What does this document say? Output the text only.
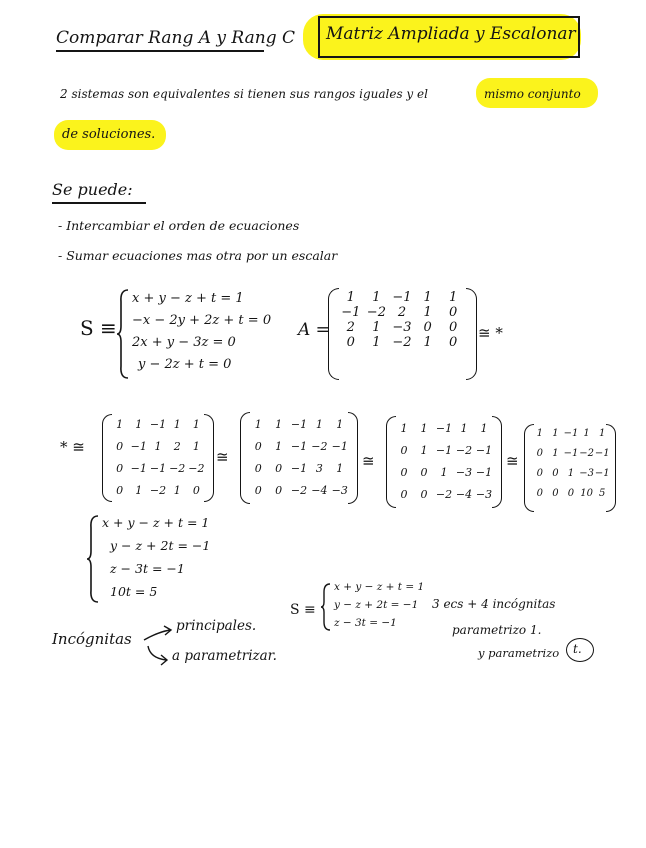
Comparar Rang A y Rang C Matriz Ampliada y Escalonar
2 sistemas son equivalentes si tienen sus rangos iguales y el	mismo conjunto
de soluciones.
Se puede:
- Intercambiar el orden de ecuaciones
- Sumar ecuaciones mas otra por un escalar
S ≡
x + y − z + t = 1
−x − 2y + 2z + t = 0
2x + y − 3z = 0
y − 2z + t = 0
A =
1	1 −1 1	1
−1 −2 2	1	0
2	1 −3 0	0
0	1 −2 1	0
≅ *
* ≅
1	1 −1 1	1
0 −1 1	2	1
0 −1 −1 −2 −2
0	1 −2 1	0
≅
1	1 −1 1	1
0	1 −1 −2 −1
0	0 −1 3	1
0	0 −2 −4 −3
≅
1	1 −1 1	1
0	1 −1 −2 −1
0	0	1 −3 −1
0	0 −2 −4 −3
≅
1 1 −1 1 1
0 1 −1 −2 −1
0 0 1 −3 −1
0 0 0 10 5
x + y − z + t = 1
y − z + 2t = −1
z − 3t = −1
10t = 5
Incógnitas
principales.
a parametrizar.
S ≡
x + y − z + t = 1
y − z + 2t = −1
z − 3t = −1
3 ecs + 4 incógnitas
parametrizo 1.
y parametrizo t.
